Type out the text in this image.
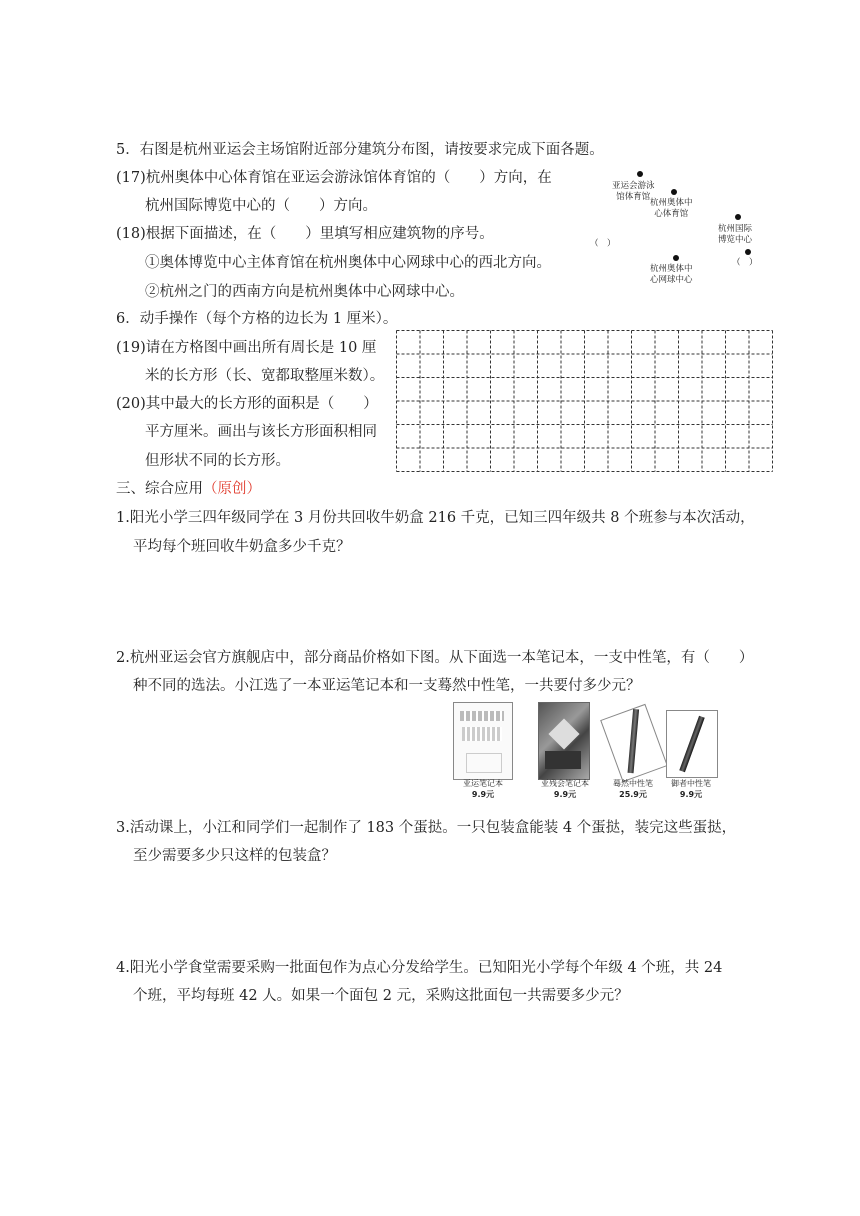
5．右图是杭州亚运会主场馆附近部分建筑分布图，请按要求完成下面各题。
(17)杭州奥体中心体育馆在亚运会游泳馆体育馆的（　　）方向，在
杭州国际博览中心的（　　）方向。
(18)根据下面描述，在（　　）里填写相应建筑物的序号。
①奥体博览中心主体育馆在杭州奥体中心网球中心的西北方向。
②杭州之门的西南方向是杭州奥体中心网球中心。
亚运会游泳
馆体育馆
杭州奥体中
心体育馆
杭州国际
博览中心
（　）
杭州奥体中
心网球中心
（　）
6．动手操作（每个方格的边长为 1 厘米）。
(19)请在方格图中画出所有周长是 10 厘
米的长方形（长、宽都取整厘米数）。
(20)其中最大的长方形的面积是（　　）
平方厘米。画出与该长方形面积相同
但形状不同的长方形。
三、综合应用（原创）
1.阳光小学三四年级同学在 3 月份共回收牛奶盒 216 千克，已知三四年级共 8 个班参与本次活动，
平均每个班回收牛奶盒多少千克？
2.杭州亚运会官方旗舰店中，部分商品价格如下图。从下面选一本笔记本，一支中性笔，有（　　）
种不同的选法。小江选了一本亚运笔记本和一支蓦然中性笔，一共要付多少元？
亚运笔记本
9.9元
亚残会笔记本
9.9元
蓦然中性笔
25.9元
御者中性笔
9.9元
3.活动课上，小江和同学们一起制作了 183 个蛋挞。一只包装盒能装 4 个蛋挞，装完这些蛋挞，
至少需要多少只这样的包装盒？
4.阳光小学食堂需要采购一批面包作为点心分发给学生。已知阳光小学每个年级 4 个班，共 24
个班，平均每班 42 人。如果一个面包 2 元，采购这批面包一共需要多少元？
